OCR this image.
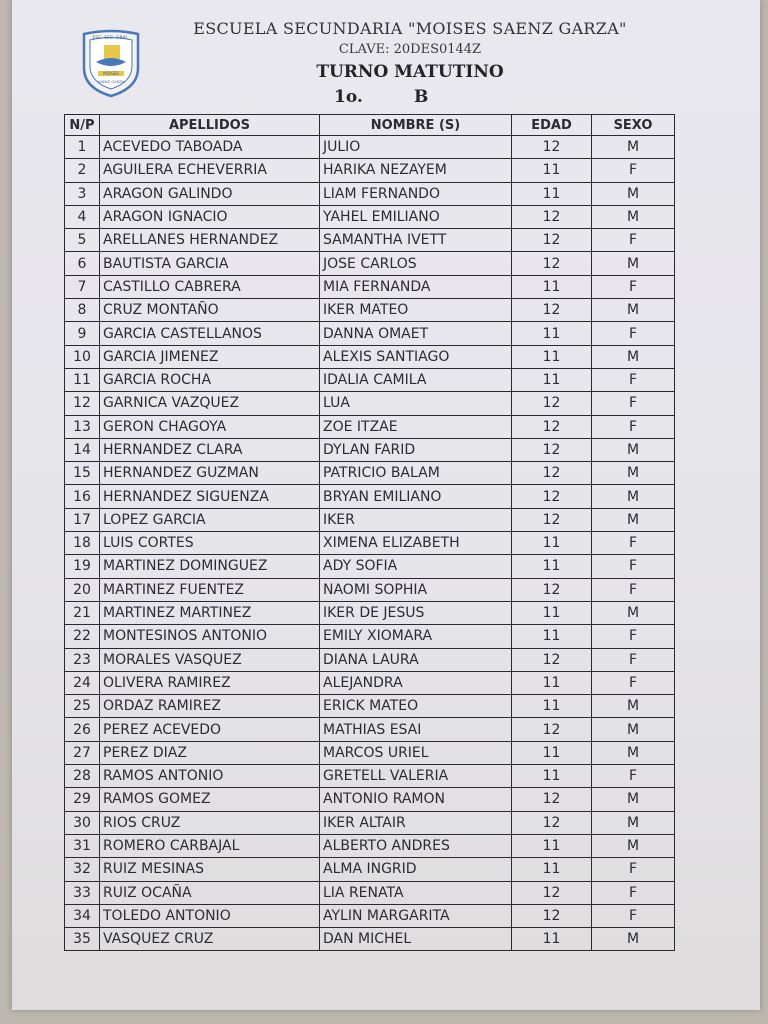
ESC. SEC. GRAL.
MOISES
SAENZ GARZA
ESCUELA SECUNDARIA "MOISES SAENZ GARZA"
CLAVE: 20DES0144Z
TURNO MATUTINO
1o.	B
N/P	APELLIDOS	NOMBRE (S)	EDAD	SEXO
1	ACEVEDO TABOADA	JULIO	12	M
2	AGUILERA ECHEVERRIA	HARIKA NEZAYEM	11	F
3	ARAGON GALINDO	LIAM FERNANDO	11	M
4	ARAGON IGNACIO	YAHEL EMILIANO	12	M
5	ARELLANES HERNANDEZ	SAMANTHA IVETT	12	F
6	BAUTISTA GARCIA	JOSE CARLOS	12	M
7	CASTILLO CABRERA	MIA FERNANDA	11	F
8	CRUZ MONTAÑO	IKER MATEO	12	M
9	GARCIA CASTELLANOS	DANNA OMAET	11	F
10	GARCIA JIMENEZ	ALEXIS SANTIAGO	11	M
11	GARCIA ROCHA	IDALIA CAMILA	11	F
12	GARNICA VAZQUEZ	LUA	12	F
13	GERON CHAGOYA	ZOE ITZAE	12	F
14	HERNANDEZ CLARA	DYLAN FARID	12	M
15	HERNANDEZ GUZMAN	PATRICIO BALAM	12	M
16	HERNANDEZ SIGUENZA	BRYAN EMILIANO	12	M
17	LOPEZ GARCIA	IKER	12	M
18	LUIS CORTES	XIMENA ELIZABETH	11	F
19	MARTINEZ DOMINGUEZ	ADY SOFIA	11	F
20	MARTINEZ FUENTEZ	NAOMI SOPHIA	12	F
21	MARTINEZ MARTINEZ	IKER DE JESUS	11	M
22	MONTESINOS ANTONIO	EMILY XIOMARA	11	F
23	MORALES VASQUEZ	DIANA LAURA	12	F
24	OLIVERA RAMIREZ	ALEJANDRA	11	F
25	ORDAZ RAMIREZ	ERICK MATEO	11	M
26	PEREZ ACEVEDO	MATHIAS ESAI	12	M
27	PEREZ DIAZ	MARCOS URIEL	11	M
28	RAMOS ANTONIO	GRETELL VALERIA	11	F
29	RAMOS GOMEZ	ANTONIO RAMON	12	M
30	RIOS CRUZ	IKER ALTAIR	12	M
31	ROMERO CARBAJAL	ALBERTO ANDRES	11	M
32	RUIZ MESINAS	ALMA INGRID	11	F
33	RUIZ OCAÑA	LIA RENATA	12	F
34	TOLEDO ANTONIO	AYLIN MARGARITA	12	F
35	VASQUEZ CRUZ	DAN MICHEL	11	M
